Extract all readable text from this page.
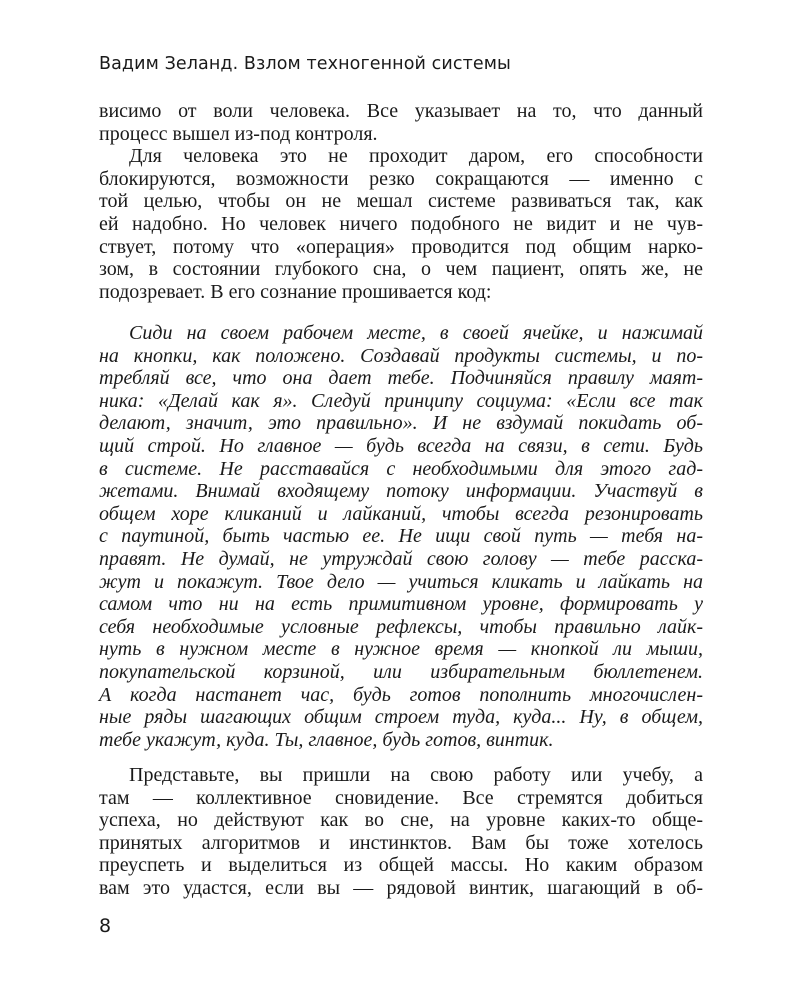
Вадим Зеланд. Взлом техногенной системы
висимо от воли человека. Все указывает на то, что данный
процесс вышел из-под контроля.
Для человека это не проходит даром, его способности
блокируются, возможности резко сокращаются — именно с
той целью, чтобы он не мешал системе развиваться так, как
ей надобно. Но человек ничего подобного не видит и не чув-
ствует, потому что «операция» проводится под общим нарко-
зом, в состоянии глубокого сна, о чем пациент, опять же, не
подозревает. В его сознание прошивается код:
Сиди на своем рабочем месте, в своей ячейке, и нажимай
на кнопки, как положено. Создавай продукты системы, и по-
требляй все, что она дает тебе. Подчиняйся правилу маят-
ника: «Делай как я». Следуй принципу социума: «Если все так
делают, значит, это правильно». И не вздумай покидать об-
щий строй. Но главное — будь всегда на связи, в сети. Будь
в системе. Не расставайся с необходимыми для этого гад-
жетами. Внимай входящему потоку информации. Участвуй в
общем хоре кликаний и лайканий, чтобы всегда резонировать
с паутиной, быть частью ее. Не ищи свой путь — тебя на-
правят. Не думай, не утруждай свою голову — тебе расска-
жут и покажут. Твое дело — учиться кликать и лайкать на
самом что ни на есть примитивном уровне, формировать у
себя необходимые условные рефлексы, чтобы правильно лайк-
нуть в нужном месте в нужное время — кнопкой ли мыши,
покупательской корзиной, или избирательным бюллетенем.
А когда настанет час, будь готов пополнить многочислен-
ные ряды шагающих общим строем туда, куда... Ну, в общем,
тебе укажут, куда. Ты, главное, будь готов, винтик.
Представьте, вы пришли на свою работу или учебу, а
там — коллективное сновидение. Все стремятся добиться
успеха, но действуют как во сне, на уровне каких-то обще-
принятых алгоритмов и инстинктов. Вам бы тоже хотелось
преуспеть и выделиться из общей массы. Но каким образом
вам это удастся, если вы — рядовой винтик, шагающий в об-
8
